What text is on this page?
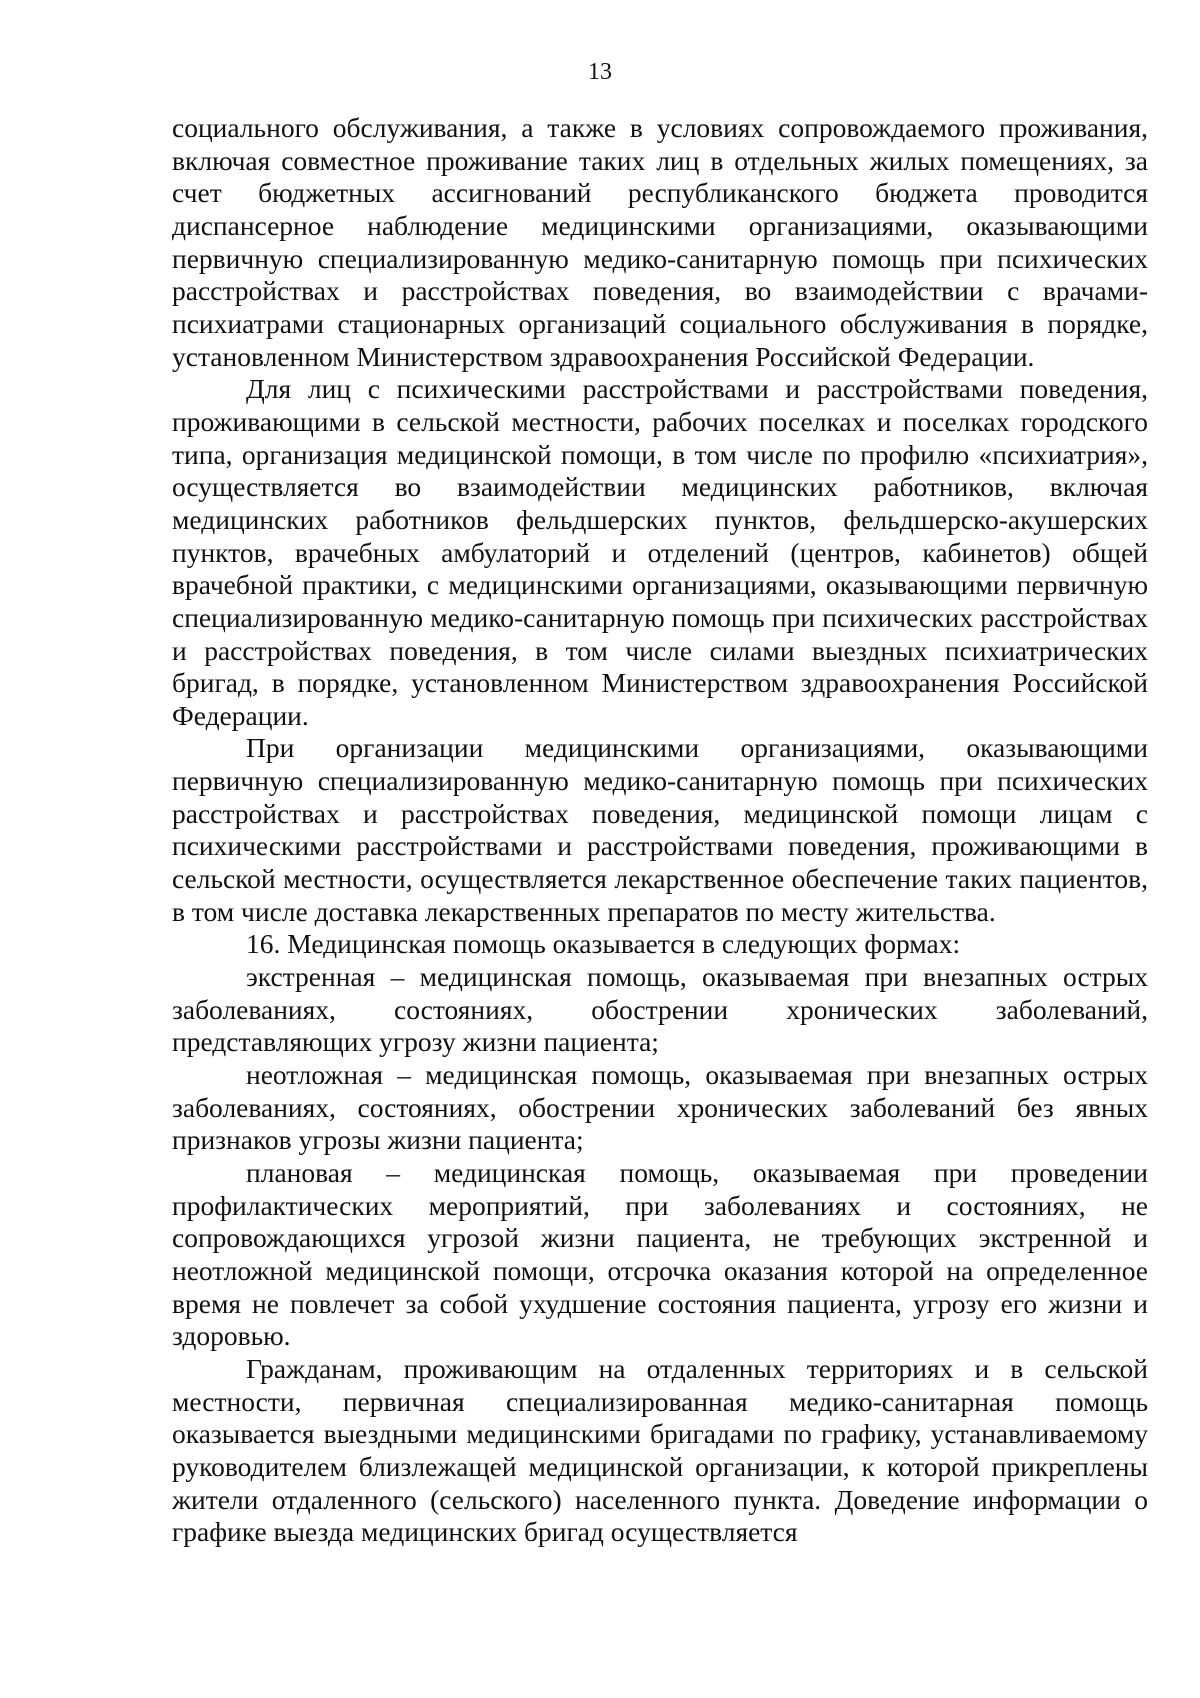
13

социального обслуживания, а также в условиях сопровождаемого проживания, включая совместное проживание таких лиц в отдельных жилых помещениях, за счет бюджетных ассигнований республиканского бюджета проводится диспансерное наблюдение медицинскими организациями, оказывающими первичную специализированную медико-санитарную помощь при психических расстройствах и расстройствах поведения, во взаимодействии с врачами-психиатрами стационарных организаций социального обслуживания в порядке, установленном Министерством здравоохранения Российской Федерации.

Для лиц с психическими расстройствами и расстройствами поведения, проживающими в сельской местности, рабочих поселках и поселках городского типа, организация медицинской помощи, в том числе по профилю «психиатрия», осуществляется во взаимодействии медицинских работников, включая медицинских работников фельдшерских пунктов, фельдшерско-акушерских пунктов, врачебных амбулаторий и отделений (центров, кабинетов) общей врачебной практики, с медицинскими организациями, оказывающими первичную специализированную медико-санитарную помощь при психических расстройствах и расстройствах поведения, в том числе силами выездных психиатрических бригад, в порядке, установленном Министерством здравоохранения Российской Федерации.

При организации медицинскими организациями, оказывающими первичную специализированную медико-санитарную помощь при психических расстройствах и расстройствах поведения, медицинской помощи лицам с психическими расстройствами и расстройствами поведения, проживающими в сельской местности, осуществляется лекарственное обеспечение таких пациентов, в том числе доставка лекарственных препаратов по месту жительства.

16. Медицинская помощь оказывается в следующих формах:

экстренная – медицинская помощь, оказываемая при внезапных острых заболеваниях, состояниях, обострении хронических заболеваний, представляющих угрозу жизни пациента;

неотложная – медицинская помощь, оказываемая при внезапных острых заболеваниях, состояниях, обострении хронических заболеваний без явных признаков угрозы жизни пациента;

плановая – медицинская помощь, оказываемая при проведении профилактических мероприятий, при заболеваниях и состояниях, не сопровождающихся угрозой жизни пациента, не требующих экстренной и неотложной медицинской помощи, отсрочка оказания которой на определенное время не повлечет за собой ухудшение состояния пациента, угрозу его жизни и здоровью.

Гражданам, проживающим на отдаленных территориях и в сельской местности, первичная специализированная медико-санитарная помощь оказывается выездными медицинскими бригадами по графику, устанавливаемому руководителем близлежащей медицинской организации, к которой прикреплены жители отдаленного (сельского) населенного пункта. Доведение информации о графике выезда медицинских бригад осуществляется
